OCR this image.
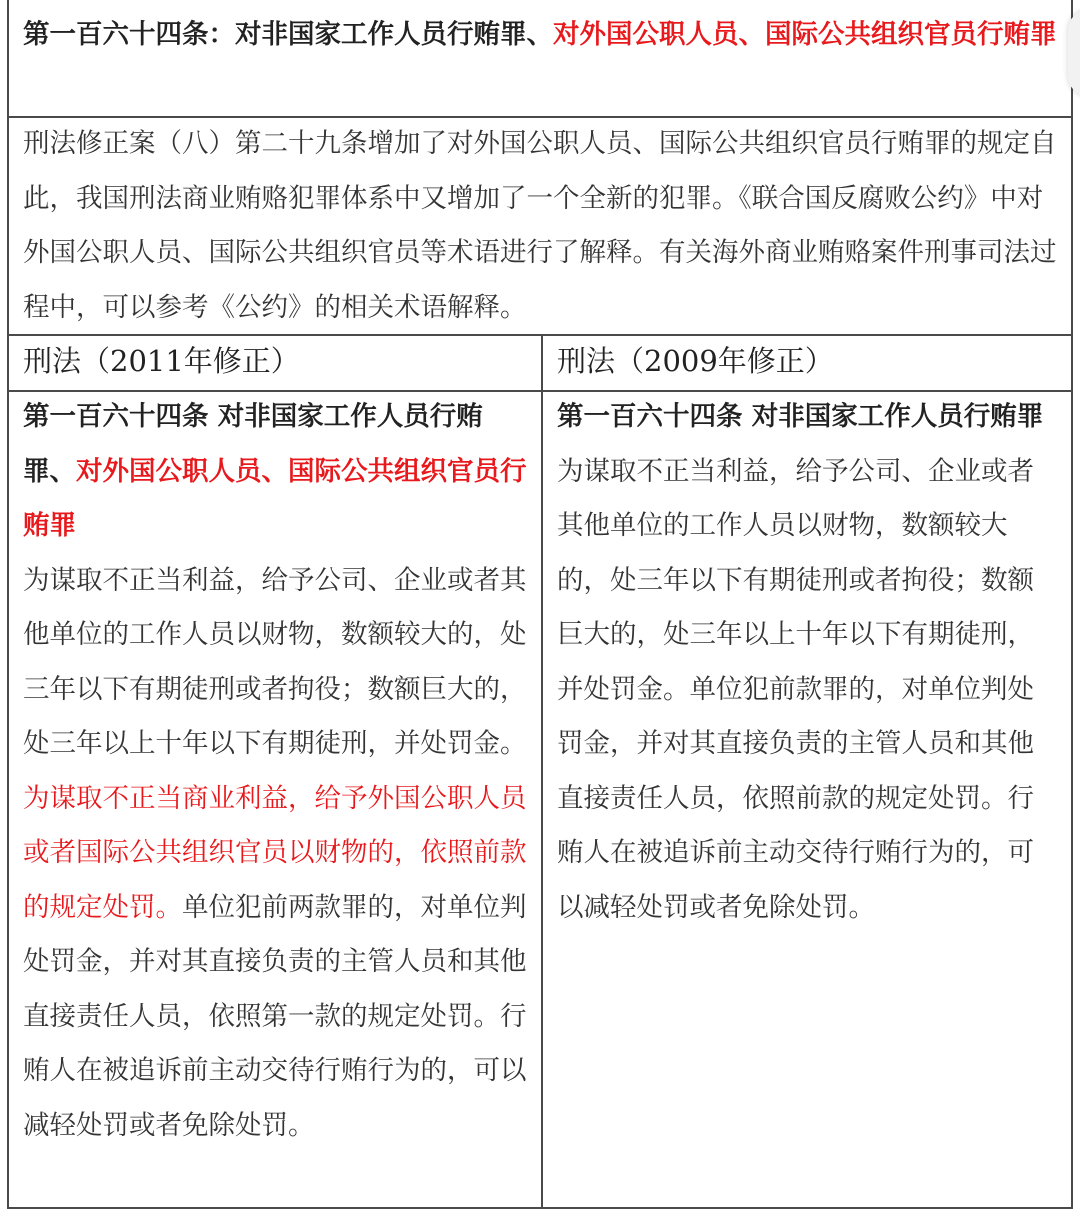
第一百六十四条：对非国家工作人员行贿罪、对外国公职人员、国际公共组织官员行贿罪

刑法修正案（八）第二十九条增加了对外国公职人员、国际公共组织官员行贿罪的规定自此，我国刑法商业贿赂犯罪体系中又增加了一个全新的犯罪。《联合国反腐败公约》中对外国公职人员、国际公共组织官员等术语进行了解释。有关海外商业贿赂案件刑事司法过程中，可以参考《公约》的相关术语解释。

刑法（2011年修正）	刑法（2009年修正）

第一百六十四条 对非国家工作人员行贿罪、对外国公职人员、国际公共组织官员行贿罪
为谋取不正当利益，给予公司、企业或者其他单位的工作人员以财物，数额较大的，处三年以下有期徒刑或者拘役；数额巨大的，处三年以上十年以下有期徒刑，并处罚金。为谋取不正当商业利益，给予外国公职人员或者国际公共组织官员以财物的，依照前款的规定处罚。单位犯前两款罪的，对单位判处罚金，并对其直接负责的主管人员和其他直接责任人员，依照第一款的规定处罚。行贿人在被追诉前主动交待行贿行为的，可以减轻处罚或者免除处罚。

第一百六十四条 对非国家工作人员行贿罪
为谋取不正当利益，给予公司、企业或者其他单位的工作人员以财物，数额较大的，处三年以下有期徒刑或者拘役；数额巨大的，处三年以上十年以下有期徒刑，并处罚金。单位犯前款罪的，对单位判处罚金，并对其直接负责的主管人员和其他直接责任人员，依照前款的规定处罚。行贿人在被追诉前主动交待行贿行为的，可以减轻处罚或者免除处罚。
